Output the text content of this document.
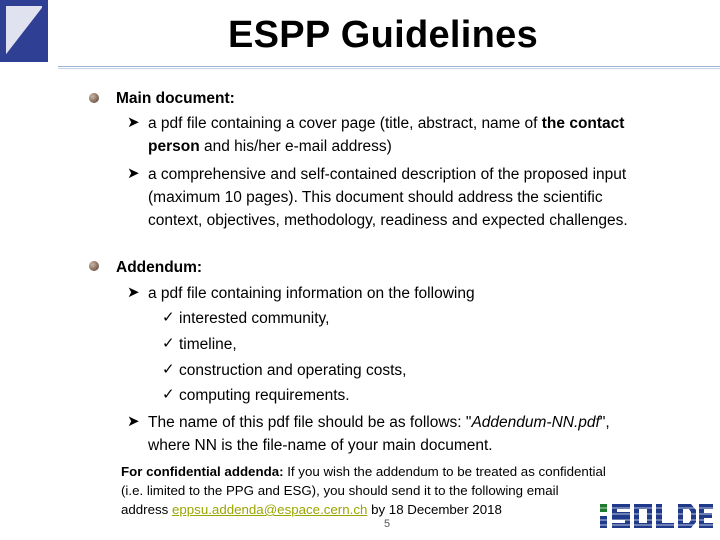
ESPP Guidelines
Main document:
➤ a pdf file containing a cover page (title, abstract, name of the contact
person and his/her e-mail address)
➤ a comprehensive and self-contained description of the proposed input
(maximum 10 pages). This document should address the scientific
context, objectives, methodology, readiness and expected challenges.
Addendum:
➤ a pdf file containing information on the following
✓ interested community,
✓ timeline,
✓ construction and operating costs,
✓ computing requirements.
➤ The name of this pdf file should be as follows: "Addendum-NN.pdf",
where NN is the file-name of your main document.
For confidential addenda: If you wish the addendum to be treated as confidential
(i.e. limited to the PPG and ESG), you should send it to the following email
address eppsu.addenda@espace.cern.ch by 18 December 2018
5
